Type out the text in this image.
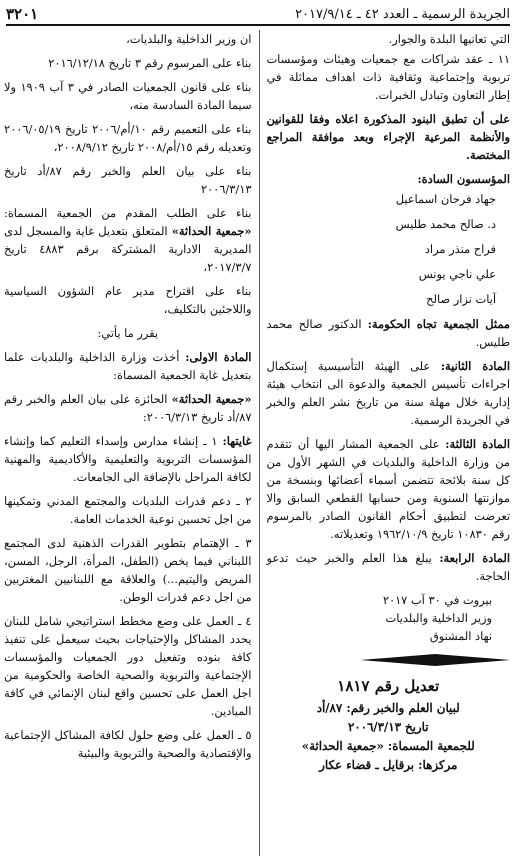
الجريدة الرسمية ـ العدد ٤٢ ـ ٢٠١٧/٩/١٤
٣٢٠١

التي تعانيها البلدة والجوار.

١١ ـ عقد شراكات مع جمعيات وهيئات ومؤسسات تربوية وإجتماعية وثقافية ذات اهداف مماثلة في إطار التعاون وتبادل الخبرات.

على أن تطبق البنود المذكورة اعلاه وفقا للقوانين والأنظمة المرعية الإجراء وبعد موافقة المراجع المختصة.

المؤسسون السادة:

جهاد فرحان اسماعيل

د. صالح محمد طليس

فراح منذر مراد

علي ناجي يونس

آيات نزار صالح

ممثل الجمعية تجاه الحكومة: الدكتور صالح محمد طليس.

المادة الثانية: على الهيئة التأسيسية إستكمال اجراءات تأسيس الجمعية والدعوة الى انتخاب هيئة إدارية خلال مهلة سنة من تاريخ نشر العلم والخبر في الجريدة الرسمية.

المادة الثالثة: على الجمعية المشار اليها أن تتقدم من وزارة الداخلية والبلديات في الشهر الأول من كل سنة بلائحة تتضمن أسماء أعضائها وبنسخة من موازنتها السنوية ومن حسابها القطعي السابق والا تعرضت لتطبيق أحكام القانون الصادر بالمرسوم رقم ١٠٨٣٠ تاريخ ١٩٦٢/١٠/٩ وتعديلاته.

المادة الرابعة: يبلغ هذا العلم والخبر حيث تدعو الحاجة.

بيروت في ٣٠ آب ٢٠١٧

وزير الداخلية والبلديات

نهاد المشنوق

تعديل رقم ١٨١٧

لبيان العلم والخبر رقم: ٨٧/أد

تاريخ ٢٠٠٦/٣/١٣

للجمعية المسماة: «جمعية الحداثة»

مركزها: برقايل ـ قضاء عكار

ان وزير الداخلية والبلديات،

بناء على المرسوم رقم ٣ تاريخ ٢٠١٦/١٢/١٨

بناء على قانون الجمعيات الصادر في ٣ آب ١٩٠٩ ولا سيما المادة السادسة منه،

بناء على التعميم رقم ١٠/أم/٢٠٠٦ تاريخ ٢٠٠٦/٠٥/١٩ وتعديله رقم ١٥/أم/٢٠٠٨ تاريخ ٢٠٠٨/٩/١٢،

بناء على بيان العلم والخبر رقم ٨٧/أد تاريخ ٢٠٠٦/٣/١٣

بناء على الطلب المقدم من الجمعية المسماة: «جمعية الحداثة» المتعلق بتعديل غاية والمسجل لدى المديرية الادارية المشتركة برقم ٤٨٨٣ تاريخ ٢٠١٧/٣/٧،

بناء على اقتراح مدير عام الشؤون السياسية واللاجئين بالتكليف،

يقرر ما يأتي:

المادة الاولى: أخذت وزارة الداخلية والبلديات علما بتعديل غاية الجمعية المسماة:

«جمعية الحداثة» الحائزة على بيان العلم والخبر رقم ٨٧/أد تاريخ ٢٠٠٦/٣/١٣:

غايتها: ١ ـ إنشاء مدارس وإسداء التعليم كما وإنشاء المؤسسات التربوية والتعليمية والأكاديمية والمهنية لكافة المراحل بالإضافة الى الجامعات.

٢ ـ دعم قدرات البلديات والمجتمع المدني وتمكينها من اجل تحسين نوعية الخدمات العامة.

٣ ـ الإهتمام بتطوير القدرات الذهنية لدى المجتمع اللبناني فيما يخص (الطفل، المرأة، الرجل، المسن، المريض واليتيم...) والعلاقة مع اللبنانيين المغتربين من اجل دعم قدرات الوطن.

٤ ـ العمل على وضع مخطط استراتيجي شامل للبنان يحدد المشاكل والإحتياجات بحيث سيعمل على تنفيذ كافة بنوده وتفعيل دور الجمعيات والمؤسسات الإجتماعية والتربوية والصحية الخاصة والحكومية من اجل العمل على تحسين واقع لبنان الإنمائي في كافة الميادين.

٥ ـ العمل على وضع حلول لكافة المشاكل الإجتماعية والإقتصادية والصحية والتربوية والبيئية
